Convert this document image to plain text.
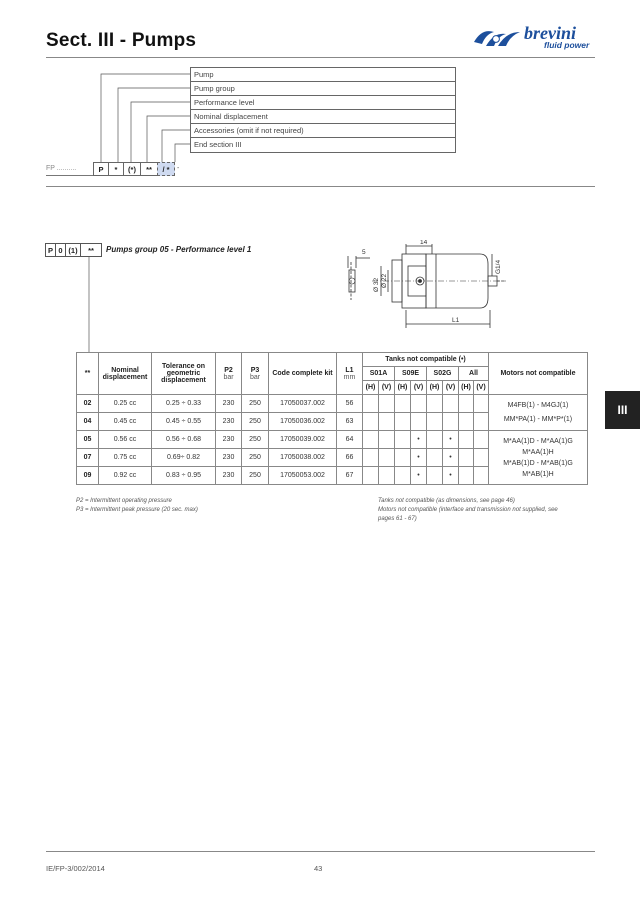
Sect. III - Pumps	brevini
fluid power
Pump
Pump group
Performance level
Nominal displacement
Accessories (omit if not required)
End section III
FP ..........	P	*	(*)	**	/ *	-
P 0 (1)	**	Pumps group 05 - Performance level 1	5
14
Ø 32 Ø 22
G1/4
L1
**	Nominal displacement	Tolerance on geometric displacement	P2
bar	P3
bar	Code complete kit	L1
mm	Tanks not compatible (•)								Motors not compatible
							S01A		S09E		S02G		All		
							(H)	(V)	(H)	(V)	(H)	(V)	(H)	(V)	
02	0.25 cc	0.25 ÷ 0.33	230	250	17050037.002	56									M4FB(1) - M4GJ(1)
MM*PA(1) - MM*P*(1)
04	0.45 cc	0.45 ÷ 0.55	230	250	17050036.002	63									
05	0.56 cc	0.56 ÷ 0.68	230	250	17050039.002	64				•		•			M*AA(1)D - M*AA(1)G
M*AA(1)H
M*AB(1)D - M*AB(1)G
M*AB(1)H
07	0.75 cc	0.69÷ 0.82	230	250	17050038.002	66				•		•			
09	0.92 cc	0.83 ÷ 0.95	230	250	17050053.002	67				•		•			
P2 = Intermittent operating pressure
P3 = Intermittent peak pressure (20 sec. max)
Tanks not compatible (as dimensions, see page 46)
Motors not compatible (interface and transmission not supplied, see
pages 61 - 67)
III
IE/FP-3/002/2014	43
